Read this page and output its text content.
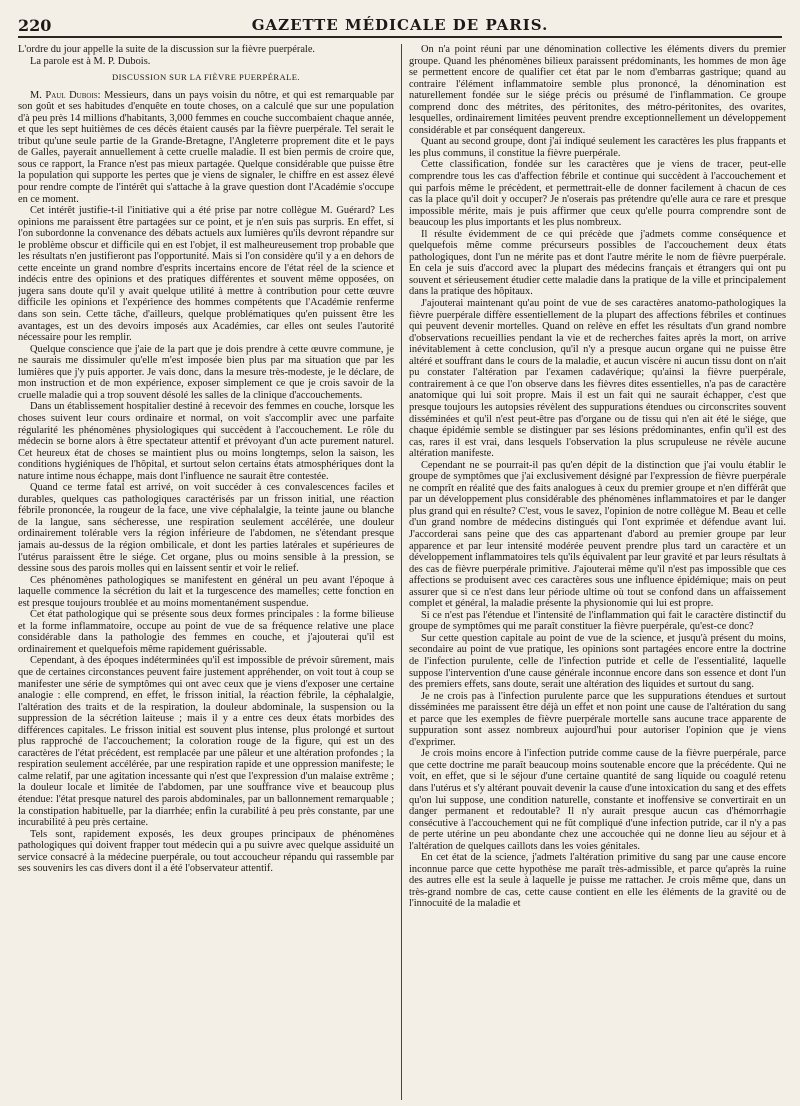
220	GAZETTE MÉDICALE DE PARIS.

L'ordre du jour appelle la suite de la discussion sur la fièvre puerpérale.

La parole est à M. P. Dubois.

DISCUSSION SUR LA FIÈVRE PUERPÉRALE.

M. Paul Dubois: Messieurs, dans un pays voisin du nôtre, et qui est remarquable par son goût et ses habitudes d'enquête en toute choses, on a calculé que sur une population d'à peu près 14 millions d'habitants, 3,000 femmes en couche succombaient chaque année, et que les sept huitièmes de ces décès étaient causés par la fièvre puerpérale. Tel serait le tribut qu'une seule partie de la Grande-Bretagne, l'Angleterre proprement dite et le pays de Galles, payerait annuellement à cette cruelle maladie. Il est bien permis de croire que, sous ce rapport, la France n'est pas mieux partagée. Quelque considérable que puisse être la population qui supporte les pertes que je viens de signaler, le chiffre en est assez élevé pour rendre compte de l'intérêt qui s'attache à la grave question dont l'Académie s'occupe en ce moment.

Cet intérêt justifie-t-il l'initiative qui a été prise par notre collègue M. Guérard? Les opinions me paraissent être partagées sur ce point, et je n'en suis pas surpris. En effet, si l'on subordonne la convenance des débats actuels aux lumières qu'ils devront répandre sur le problème obscur et difficile qui en est l'objet, il est malheureusement trop probable que les résultats n'en justifieront pas l'opportunité. Mais si l'on considère qu'il y a en dehors de cette enceinte un grand nombre d'esprits incertains encore de l'état réel de la science et indécis entre des opinions et des pratiques différentes et souvent même opposées, on jugera sans doute qu'il y avait quelque utilité à mettre à contribution pour cette œuvre difficile les opinions et l'expérience des hommes compétents que l'Académie renferme dans son sein. Cette tâche, d'ailleurs, quelque problématiques qu'en puissent être les avantages, est un des devoirs imposés aux Académies, car elles ont seules l'autorité nécessaire pour les remplir.

Quelque conscience que j'aie de la part que je dois prendre à cette œuvre commune, je ne saurais me dissimuler qu'elle m'est imposée bien plus par ma situation que par les lumières que j'y puis apporter. Je vais donc, dans la mesure très-modeste, je le déclare, de mon instruction et de mon expérience, exposer simplement ce que je crois savoir de la cruelle maladie qui a trop souvent désolé les salles de la clinique d'accouchements.

Dans un établissement hospitalier destiné à recevoir des femmes en couche, lorsque les choses suivent leur cours ordinaire et normal, on voit s'accomplir avec une parfaite régularité les phénomènes physiologiques qui succèdent à l'accouchement. Le rôle du médecin se borne alors à être spectateur attentif et prévoyant d'un acte purement naturel. Cet heureux état de choses se maintient plus ou moins longtemps, selon la saison, les conditions hygiéniques de l'hôpital, et surtout selon certains états atmosphériques dont la nature intime nous échappe, mais dont l'influence ne saurait être contestée.

Quand ce terme fatal est arrivé, on voit succéder à ces convalescences faciles et durables, quelques cas pathologiques caractérisés par un frisson initial, une réaction fébrile prononcée, la rougeur de la face, une vive céphalalgie, la teinte jaune ou blanche de la langue, sans sécheresse, une respiration seulement accélérée, une douleur ordinairement tolérable vers la région inférieure de l'abdomen, ne s'étendant presque jamais au-dessus de la région ombilicale, et dont les parties latérales et supérieures de l'utérus paraissent être le siége. Cet organe, plus ou moins sensible à la pression, se dessine sous des parois molles qui en laissent sentir et voir le relief.

Ces phénomènes pathologiques se manifestent en général un peu avant l'époque à laquelle commence la sécrétion du lait et la turgescence des mamelles; cette fonction en est presque toujours troublée et au moins momentanément suspendue.

Cet état pathologique qui se présente sous deux formes principales : la forme bilieuse et la forme inflammatoire, occupe au point de vue de sa fréquence relative une place considérable dans la pathologie des femmes en couche, et j'ajouterai qu'il est ordinairement et quelquefois même rapidement guérissable.

Cependant, à des époques indéterminées qu'il est impossible de prévoir sûrement, mais que de certaines circonstances peuvent faire justement appréhender, on voit tout à coup se manifester une série de symptômes qui ont avec ceux que je viens d'exposer une certaine analogie : elle comprend, en effet, le frisson initial, la réaction fébrile, la céphalalgie, l'altération des traits et de la respiration, la douleur abdominale, la suspension ou la suppression de la sécrétion laiteuse ; mais il y a entre ces deux états morbides des différences capitales. Le frisson initial est souvent plus intense, plus prolongé et surtout plus rapproché de l'accouchement; la coloration rouge de la figure, qui est un des caractères de l'état précédent, est remplacée par une pâleur et une altération profondes ; la respiration seulement accélérée, par une respiration rapide et une oppression manifeste; le calme relatif, par une agitation incessante qui n'est que l'expression d'un malaise extrême ; la douleur locale et limitée de l'abdomen, par une souffrance vive et beaucoup plus étendue: l'état presque naturel des parois abdominales, par un ballonnement remarquable ; la constipation habituelle, par la diarrhée; enfin la curabilité à peu près constante, par une incurabilité à peu près certaine.

Tels sont, rapidement exposés, les deux groupes principaux de phénomènes pathologiques qui doivent frapper tout médecin qui a pu suivre avec quelque assiduité un service consacré à la médecine puerpérale, ou tout accoucheur répandu qui rassemble par ses souvenirs les cas divers dont il a été l'observateur attentif.

On n'a point réuni par une dénomination collective les éléments divers du premier groupe. Quand les phénomènes bilieux paraissent prédominants, les hommes de mon âge se permettent encore de qualifier cet état par le nom d'embarras gastrique; quand au contraire l'élément inflammatoire semble plus prononcé, la dénomination est naturellement fondée sur le siége précis ou présumé de l'inflammation. Ce groupe comprend donc des métrites, des péritonites, des métro-péritonites, des ovarites, lesquelles, ordinairement limitées peuvent prendre exceptionnellement un développement considérable et par conséquent dangereux.

Quant au second groupe, dont j'ai indiqué seulement les caractères les plus frappants et les plus communs, il constitue la fièvre puerpérale.

Cette classification, fondée sur les caractères que je viens de tracer, peut-elle comprendre tous les cas d'affection fébrile et continue qui succèdent à l'accouchement et qui parfois même le précèdent, et permettrait-elle de donner facilement à chacun de ces cas la place qu'il doit y occuper? Je n'oserais pas prétendre qu'elle aura ce rare et presque impossible mérite, mais je puis affirmer que ceux qu'elle pourra comprendre sont de beaucoup les plus importants et les plus nombreux.

Il résulte évidemment de ce qui précède que j'admets comme conséquence et quelquefois même comme précurseurs possibles de l'accouchement deux états pathologiques, dont l'un ne mérite pas et dont l'autre mérite le nom de fièvre puerpérale. En cela je suis d'accord avec la plupart des médecins français et étrangers qui ont pu souvent et sérieusement étudier cette maladie dans la pratique de la ville et principalement dans la pratique des hôpitaux.

J'ajouterai maintenant qu'au point de vue de ses caractères anatomo-pathologiques la fièvre puerpérale diffère essentiellement de la plupart des affections fébriles et continues qui peuvent devenir mortelles. Quand on relève en effet les résultats d'un grand nombre d'observations recueillies pendant la vie et de recherches faites après la mort, on arrive inévitablement à cette conclusion, qu'il n'y a presque aucun organe qui ne puisse être altéré et souffrant dans le cours de la maladie, et aucun viscère ni aucun tissu dont on n'ait pu constater l'altération par l'examen cadavérique; qu'ainsi la fièvre puerpérale, contrairement à ce que l'on observe dans les fièvres dites essentielles, n'a pas de caractère anatomique qui lui soit propre. Mais il est un fait qui ne saurait échapper, c'est que presque toujours les autopsies révèlent des suppurations étendues ou circonscrites souvent disséminées et qu'il n'est peut-être pas d'organe ou de tissu qui n'en ait été le siége, que chaque épidémie semble se distinguer par ses lésions prédominantes, enfin qu'il est des cas, rares il est vrai, dans lesquels l'observation la plus scrupuleuse ne révèle aucune altération manifeste.

Cependant ne se pourrait-il pas qu'en dépit de la distinction que j'ai voulu établir le groupe de symptômes que j'ai exclusivement désigné par l'expression de fièvre puerpérale ne comprît en réalité que des faits analogues à ceux du premier groupe et n'en différât que par un développement plus considérable des phénomènes inflammatoires et par le danger plus grand qui en résulte? C'est, vous le savez, l'opinion de notre collègue M. Beau et celle d'un grand nombre de médecins distingués qui l'ont exprimée et défendue avant lui. J'accorderai sans peine que des cas appartenant d'abord au premier groupe par leur apparence et par leur intensité modérée peuvent prendre plus tard un caractère et un développement inflammatoires tels qu'ils équivalent par leur gravité et par leurs résultats à des cas de fièvre puerpérale primitive. J'ajouterai même qu'il n'est pas impossible que ces affections se produisent avec ces caractères sous une influence épidémique; mais on peut assurer que si ce n'est dans leur période ultime où tout se confond dans un affaissement complet et général, la maladie présente la physionomie qui lui est propre.

Si ce n'est pas l'étendue et l'intensité de l'inflammation qui fait le caractère distinctif du groupe de symptômes qui me paraît constituer la fièvre puerpérale, qu'est-ce donc?

Sur cette question capitale au point de vue de la science, et jusqu'à présent du moins, secondaire au point de vue pratique, les opinions sont partagées encore entre la doctrine de l'infection purulente, celle de l'infection putride et celle de l'essentialité, laquelle suppose l'intervention d'une cause générale inconnue encore dans son essence et dont l'un des premiers effets, sans doute, serait une altération des liquides et surtout du sang.

Je ne crois pas à l'infection purulente parce que les suppurations étendues et surtout disséminées me paraissent être déjà un effet et non point une cause de l'altération du sang et parce que les exemples de fièvre puerpérale mortelle sans aucune trace apparente de suppuration sont assez nombreux aujourd'hui pour autoriser l'opinion que je viens d'exprimer.

Je crois moins encore à l'infection putride comme cause de la fièvre puerpérale, parce que cette doctrine me paraît beaucoup moins soutenable encore que la précédente. Qui ne voit, en effet, que si le séjour d'une certaine quantité de sang liquide ou coagulé retenu dans l'utérus et s'y altérant pouvait devenir la cause d'une intoxication du sang et des effets qu'on lui suppose, une condition naturelle, constante et inoffensive se convertirait en un danger permanent et redoutable? Il n'y aurait presque aucun cas d'hémorrhagie consécutive à l'accouchement qui ne fût compliqué d'une infection putride, car il n'y a pas de perte utérine un peu abondante chez une accouchée qui ne donne lieu au séjour et à l'altération de quelques caillots dans les voies génitales.

En cet état de la science, j'admets l'altération primitive du sang par une cause encore inconnue parce que cette hypothèse me paraît très-admissible, et parce qu'après la ruine des autres elle est la seule à laquelle je puisse me rattacher. Je crois même que, dans un très-grand nombre de cas, cette cause contient en elle les éléments de la gravité ou de l'innocuité de la maladie et
